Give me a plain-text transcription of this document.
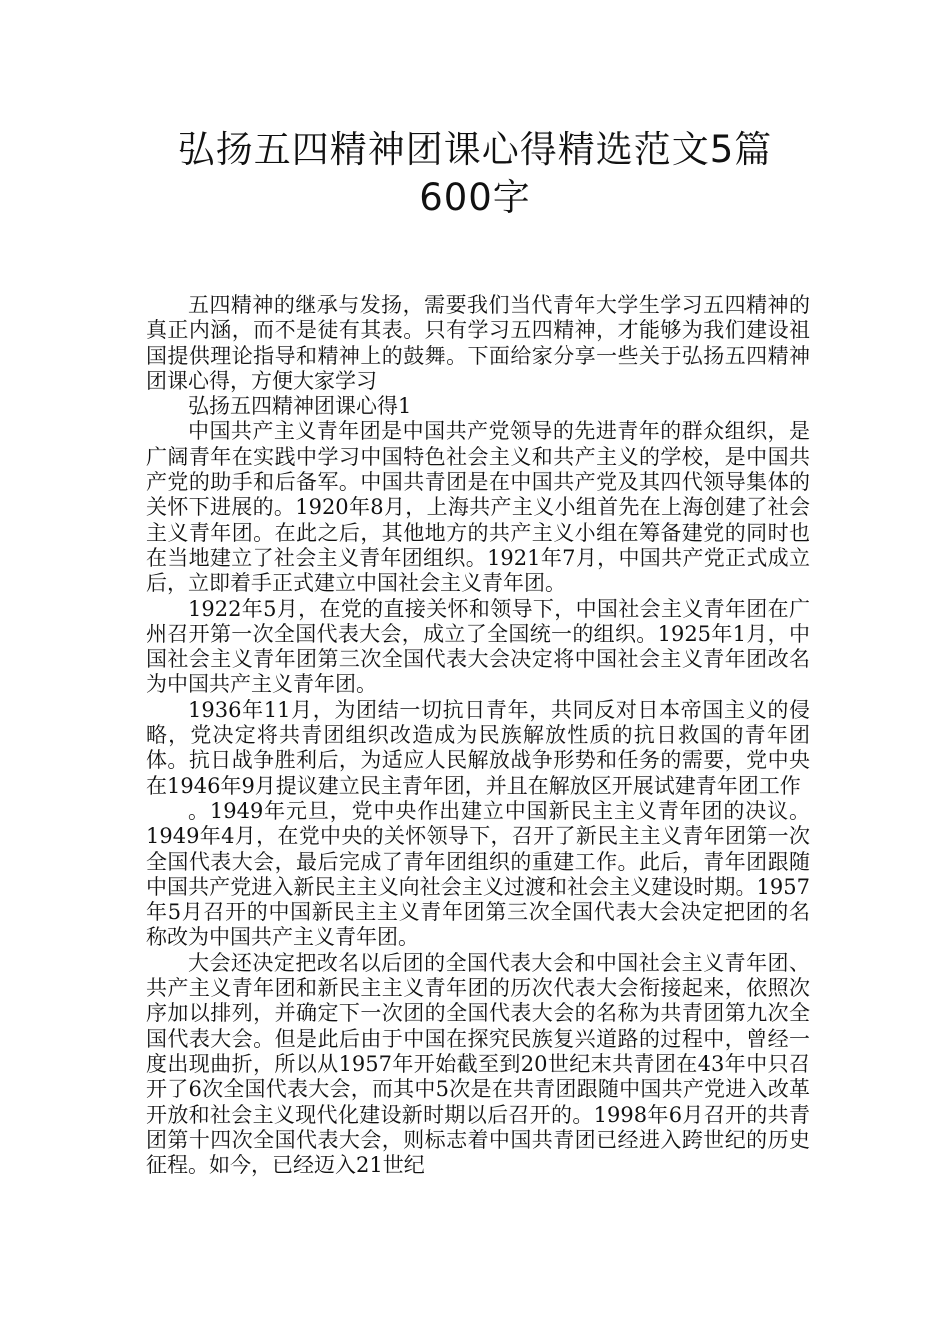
弘扬五四精神团课心得精选范文5篇
600字

五四精神的继承与发扬，需要我们当代青年大学生学习五四精神的真正内涵，而不是徒有其表。只有学习五四精神，才能够为我们建设祖国提供理论指导和精神上的鼓舞。下面给家分享一些关于弘扬五四精神团课心得，方便大家学习

弘扬五四精神团课心得1

中国共产主义青年团是中国共产党领导的先进青年的群众组织，是广阔青年在实践中学习中国特色社会主义和共产主义的学校，是中国共产党的助手和后备军。中国共青团是在中国共产党及其四代领导集体的关怀下进展的。1920年8月，上海共产主义小组首先在上海创建了社会主义青年团。在此之后，其他地方的共产主义小组在筹备建党的同时也在当地建立了社会主义青年团组织。1921年7月，中国共产党正式成立后，立即着手正式建立中国社会主义青年团。

1922年5月，在党的直接关怀和领导下，中国社会主义青年团在广州召开第一次全国代表大会，成立了全国统一的组织。1925年1月，中国社会主义青年团第三次全国代表大会决定将中国社会主义青年团改名为中国共产主义青年团。

1936年11月，为团结一切抗日青年，共同反对日本帝国主义的侵略，党决定将共青团组织改造成为民族解放性质的抗日救国的青年团体。抗日战争胜利后，为适应人民解放战争形势和任务的需要，党中央在1946年9月提议建立民主青年团，并且在解放区开展试建青年团工作

。1949年元旦，党中央作出建立中国新民主主义青年团的决议。1949年4月，在党中央的关怀领导下，召开了新民主主义青年团第一次全国代表大会，最后完成了青年团组织的重建工作。此后，青年团跟随中国共产党进入新民主主义向社会主义过渡和社会主义建设时期。1957年5月召开的中国新民主主义青年团第三次全国代表大会决定把团的名称改为中国共产主义青年团。

大会还决定把改名以后团的全国代表大会和中国社会主义青年团、共产主义青年团和新民主主义青年团的历次代表大会衔接起来，依照次序加以排列，并确定下一次团的全国代表大会的名称为共青团第九次全国代表大会。但是此后由于中国在探究民族复兴道路的过程中，曾经一度出现曲折，所以从1957年开始截至到20世纪末共青团在43年中只召开了6次全国代表大会，而其中5次是在共青团跟随中国共产党进入改革开放和社会主义现代化建设新时期以后召开的。1998年6月召开的共青团第十四次全国代表大会，则标志着中国共青团已经进入跨世纪的历史征程。如今，已经迈入21世纪
